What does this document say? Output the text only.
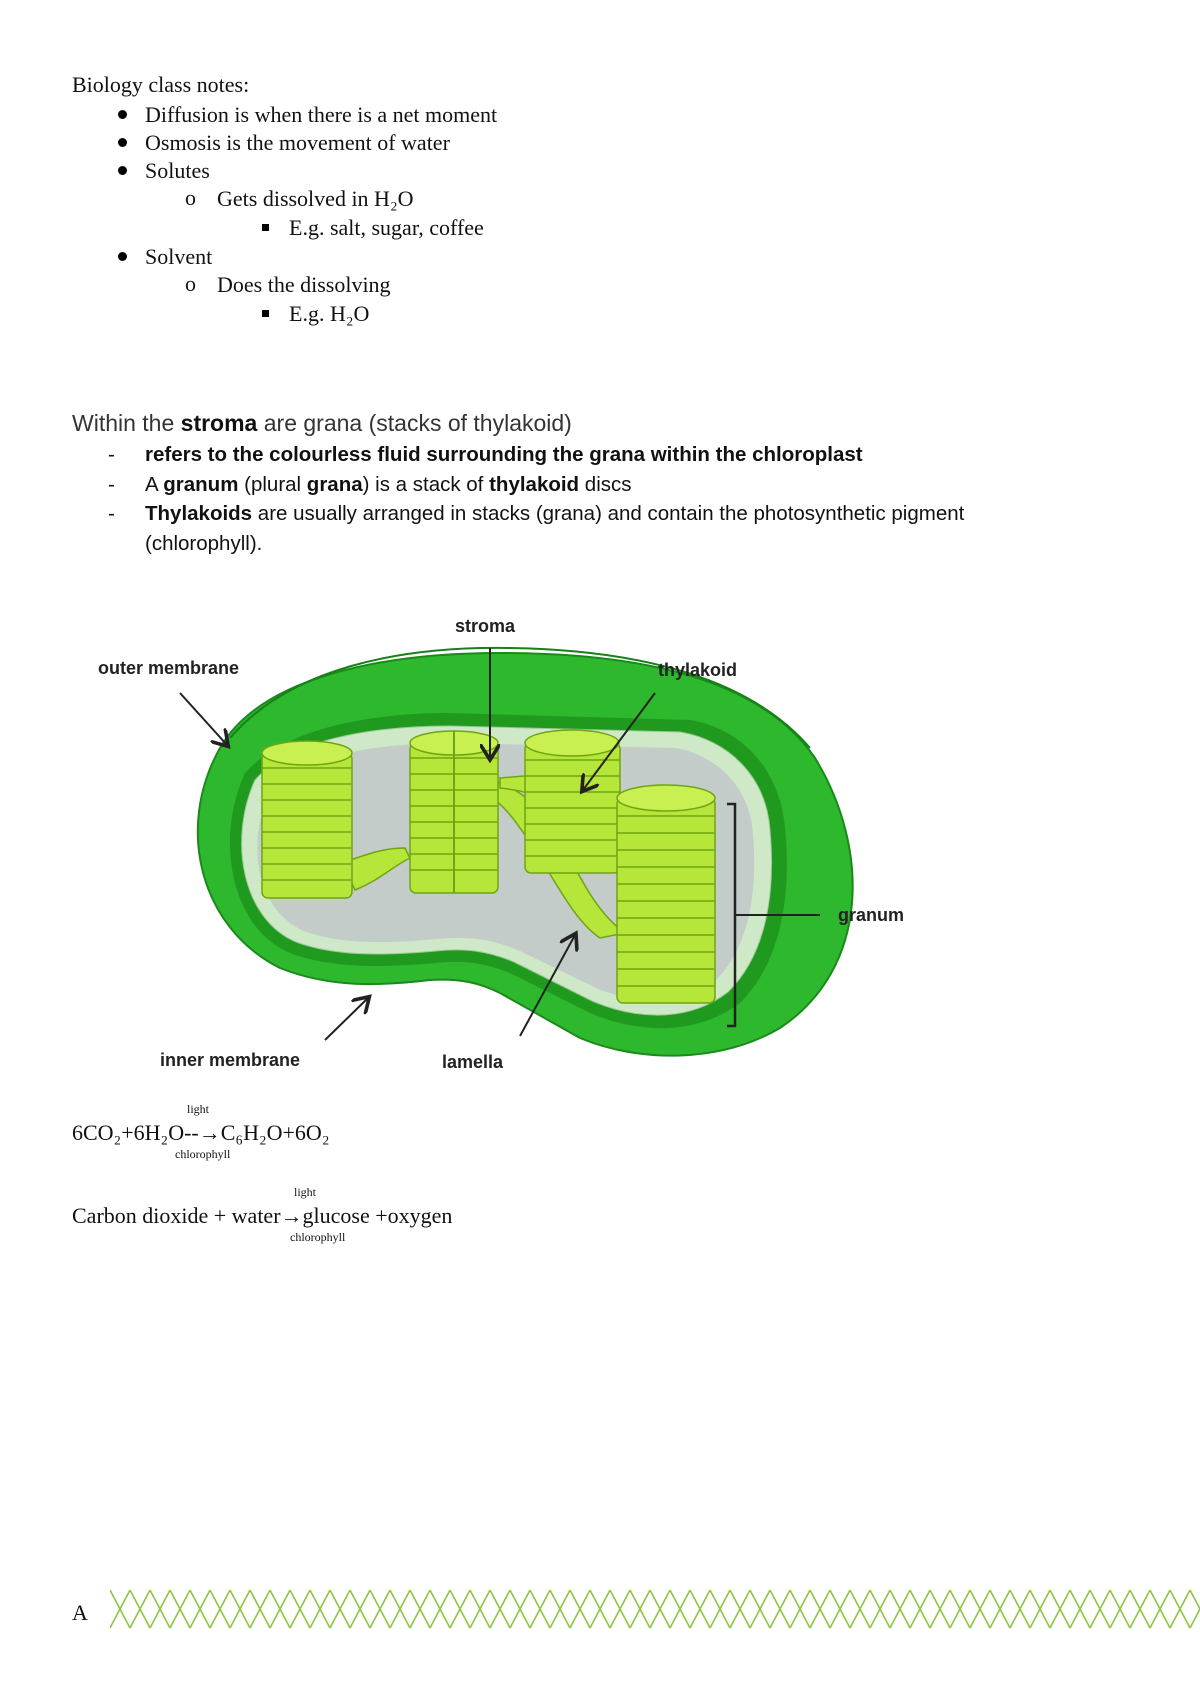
Biology class notes:
Diffusion is when there is a net moment
Osmosis is the movement of water
Solutes
o Gets dissolved in H₂O
E.g. salt, sugar, coffee
Solvent
o Does the dissolving
E.g. H₂O
Within the stroma are grana (stacks of thylakoid)
- refers to the colourless fluid surrounding the grana within the chloroplast
- A granum (plural grana) is a stack of thylakoid discs
- Thylakoids are usually arranged in stacks (grana) and contain the photosynthetic pigment (chlorophyll).
stroma
outer membrane	thylakoid
granum
inner membrane	lamella
light
6CO₂+6H₂O--→C₆H₂O+6O₂
chlorophyll
light
Carbon dioxide + water→glucose +oxygen
chlorophyll
A
